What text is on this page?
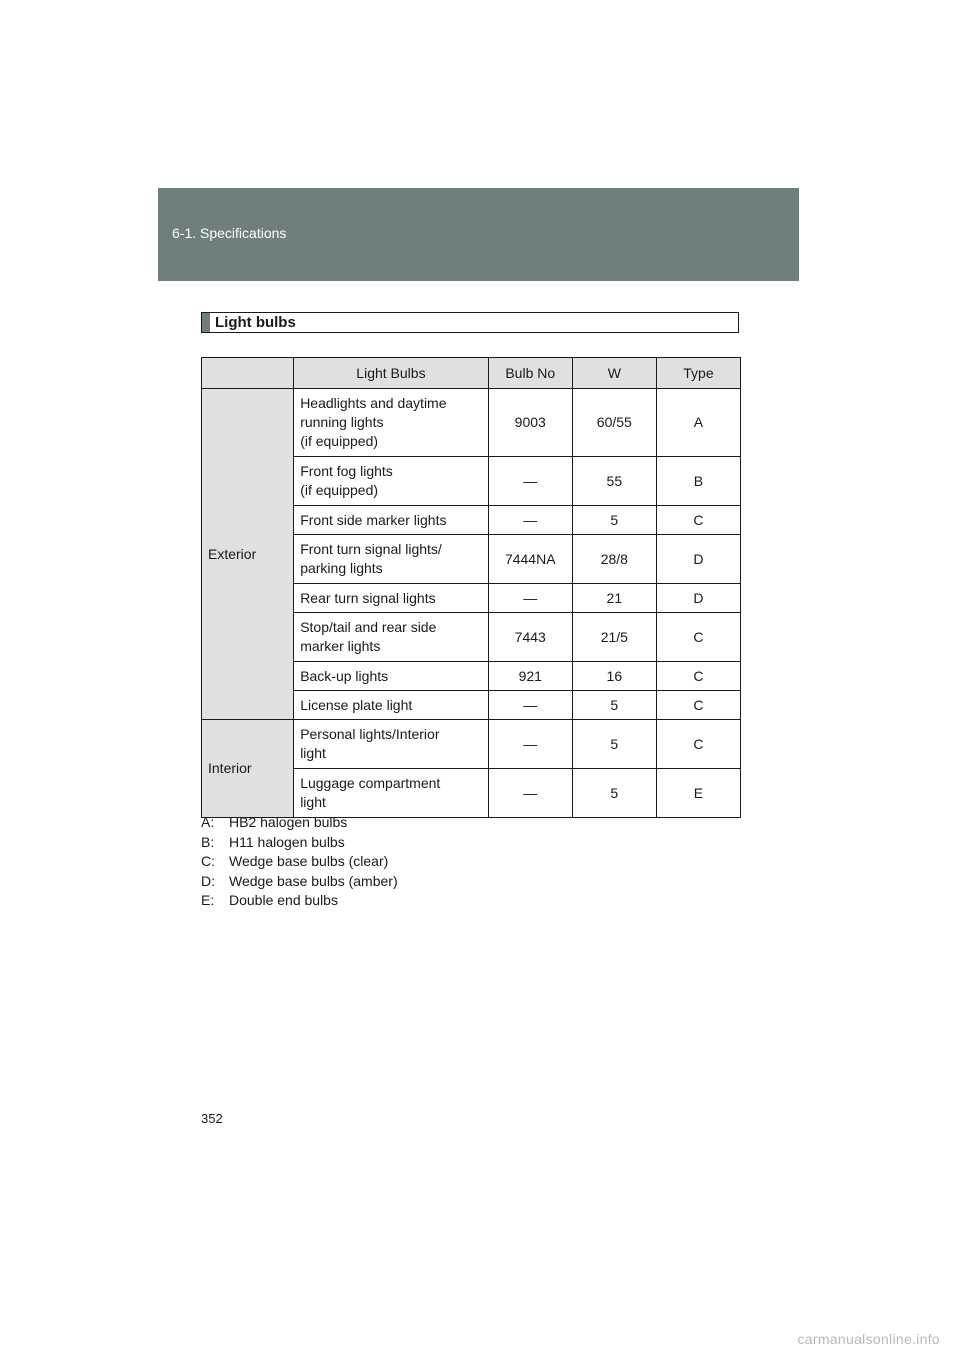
6-1. Specifications
Light bulbs
	Light Bulbs	Bulb No	W	Type
Exterior	Headlights and daytime
running lights
(if equipped)	9003	60/55	A
	Front fog lights
(if equipped)	—	55	B
	Front side marker lights	—	5	C
	Front turn signal lights/
parking lights	7444NA	28/8	D
	Rear turn signal lights	—	21	D
	Stop/tail and rear side
marker lights	7443	21/5	C
	Back-up lights	921	16	C
	License plate light	—	5	C
Interior	Personal lights/Interior
light	—	5	C
	Luggage compartment
light	—	5	E
A:	HB2 halogen bulbs
B:	H11 halogen bulbs
C:	Wedge base bulbs (clear)
D:	Wedge base bulbs (amber)
E:	Double end bulbs
352
carmanualsonline.info
